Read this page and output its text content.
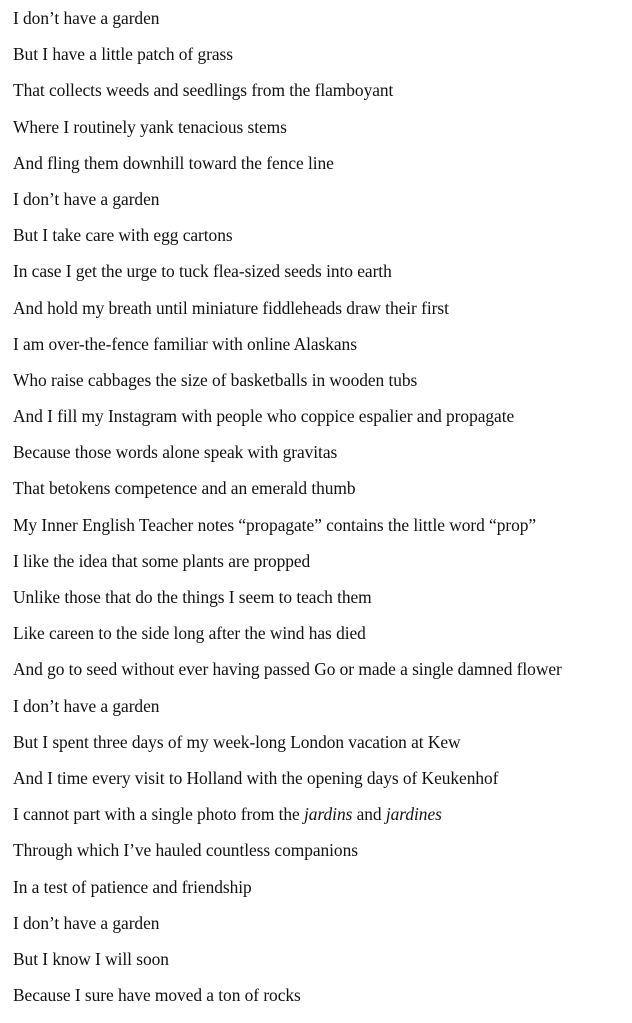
I don’t have a garden
But I have a little patch of grass
That collects weeds and seedlings from the flamboyant
Where I routinely yank tenacious stems
And fling them downhill toward the fence line
I don’t have a garden
But I take care with egg cartons
In case I get the urge to tuck flea-sized seeds into earth
And hold my breath until miniature fiddleheads draw their first
I am over-the-fence familiar with online Alaskans
Who raise cabbages the size of basketballs in wooden tubs
And I fill my Instagram with people who coppice espalier and propagate
Because those words alone speak with gravitas
That betokens competence and an emerald thumb
My Inner English Teacher notes “propagate” contains the little word “prop”
I like the idea that some plants are propped
Unlike those that do the things I seem to teach them
Like careen to the side long after the wind has died
And go to seed without ever having passed Go or made a single damned flower
I don’t have a garden
But I spent three days of my week-long London vacation at Kew
And I time every visit to Holland with the opening days of Keukenhof
I cannot part with a single photo from the jardins and jardines
Through which I’ve hauled countless companions
In a test of patience and friendship
I don’t have a garden
But I know I will soon
Because I sure have moved a ton of rocks
